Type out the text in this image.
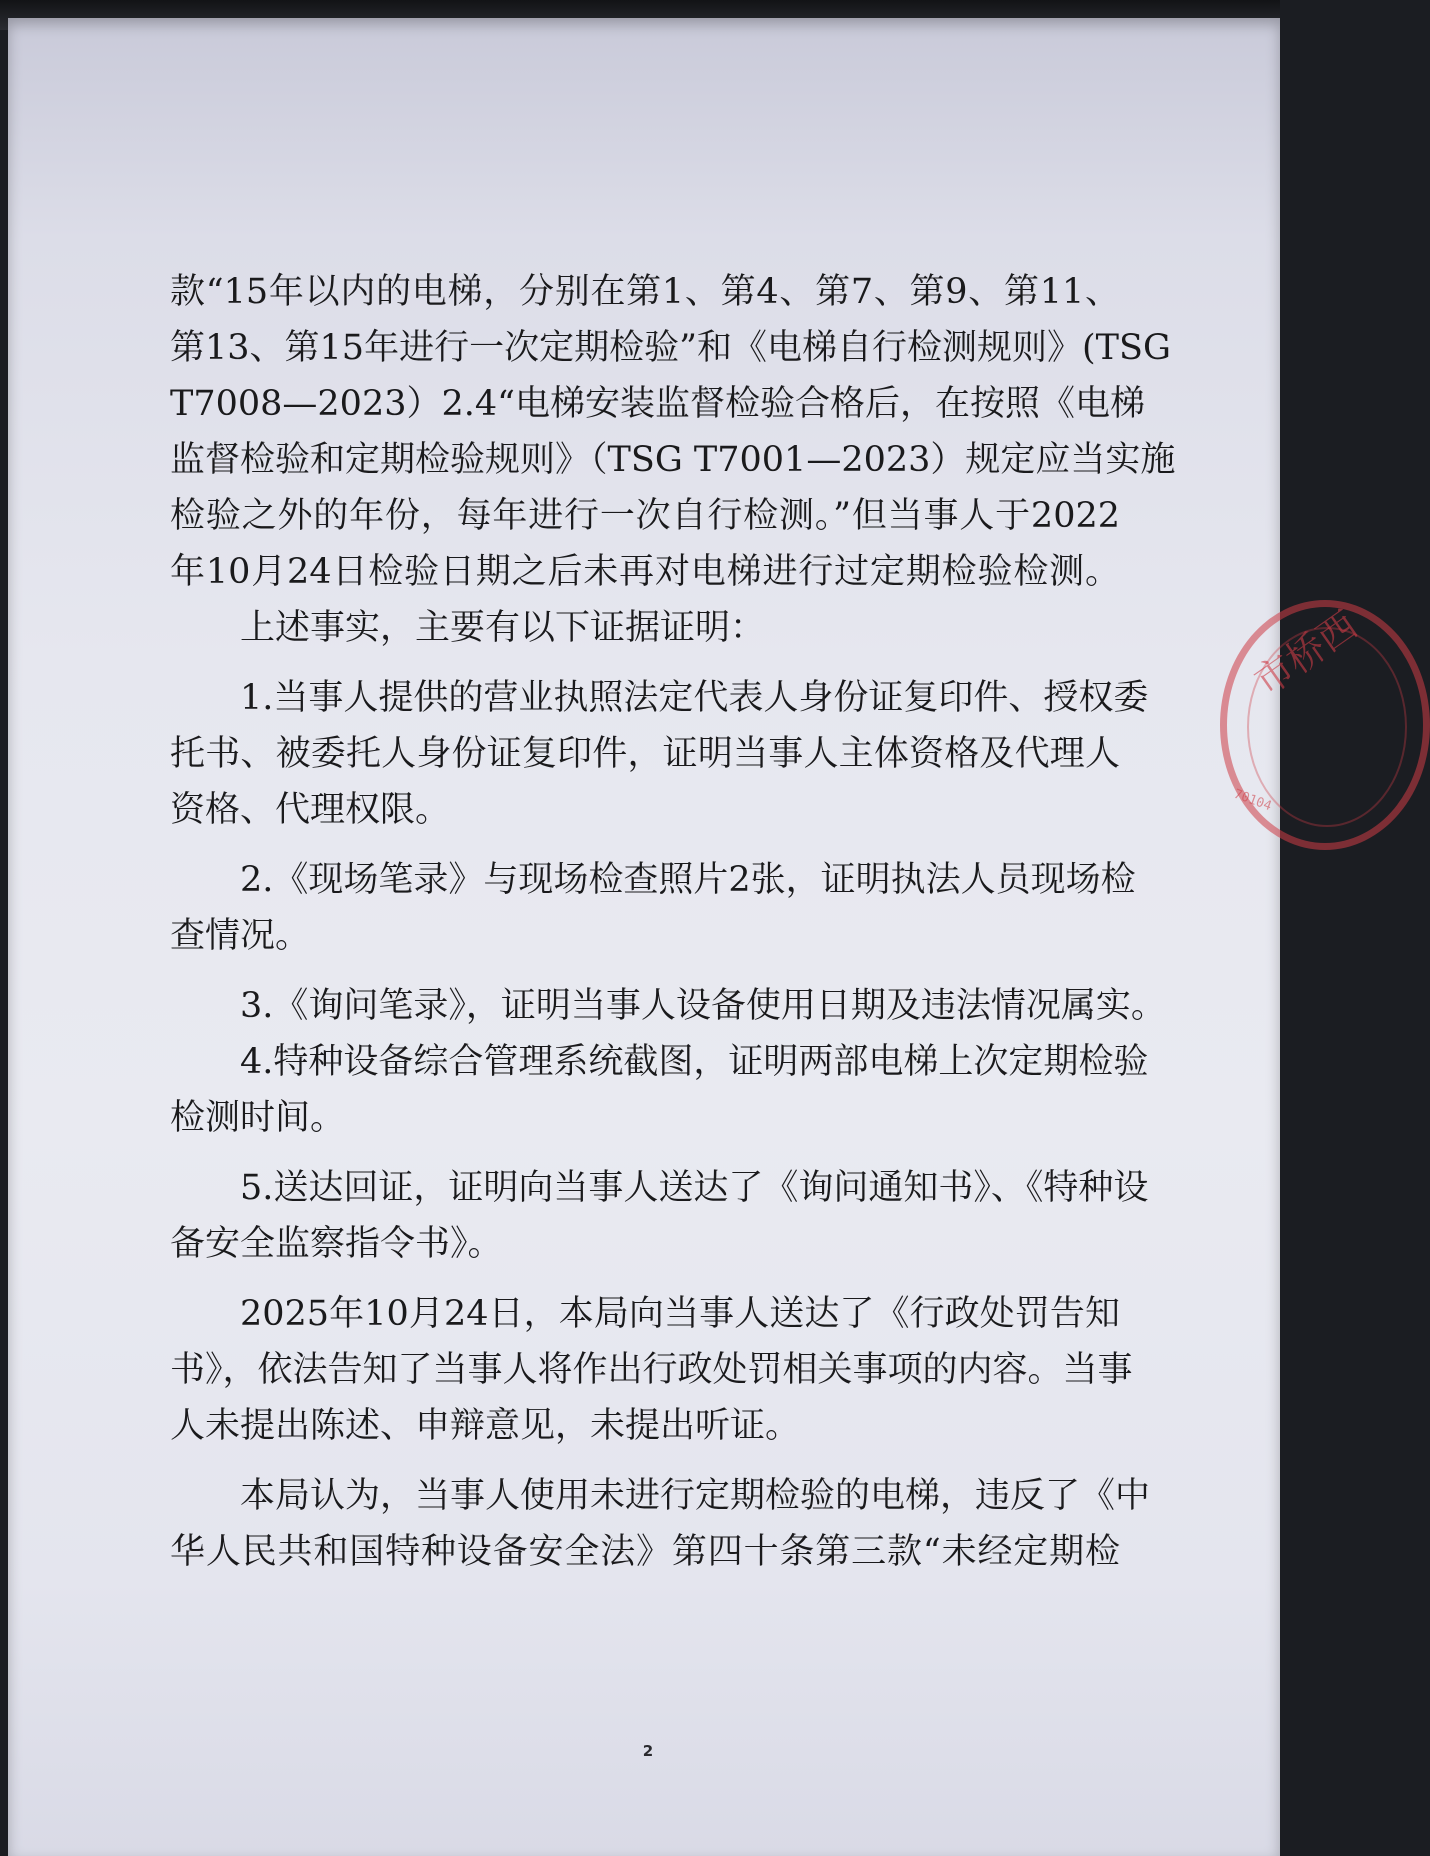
款“15年以内的电梯，分别在第1、第4、第7、第9、第11、
第13、第15年进行一次定期检验”和《电梯自行检测规则》(TSG
T7008—2023）2.4“电梯安装监督检验合格后，在按照《电梯
监督检验和定期检验规则》（TSG T7001—2023）规定应当实施
检验之外的年份，每年进行一次自行检测。”但当事人于2022
年10月24日检验日期之后未再对电梯进行过定期检验检测。
上述事实，主要有以下证据证明：
1.当事人提供的营业执照法定代表人身份证复印件、授权委
托书、被委托人身份证复印件，证明当事人主体资格及代理人
资格、代理权限。
2.《现场笔录》与现场检查照片2张，证明执法人员现场检
查情况。
3.《询问笔录》，证明当事人设备使用日期及违法情况属实。
4.特种设备综合管理系统截图，证明两部电梯上次定期检验
检测时间。
5.送达回证，证明向当事人送达了《询问通知书》、《特种设
备安全监察指令书》。
2025年10月24日，本局向当事人送达了《行政处罚告知
书》，依法告知了当事人将作出行政处罚相关事项的内容。当事
人未提出陈述、申辩意见，未提出听证。
本局认为，当事人使用未进行定期检验的电梯，违反了《中
华人民共和国特种设备安全法》第四十条第三款“未经定期检
市桥西
70104
2
